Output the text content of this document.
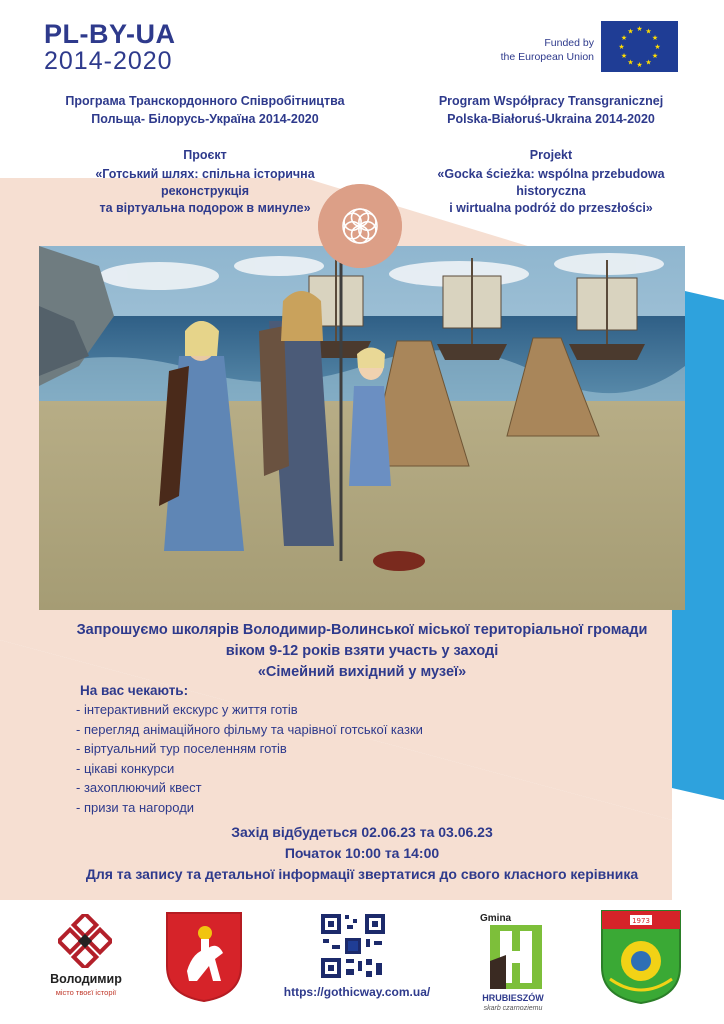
PL-BY-UA
2014-2020
Funded by
the European Union
★ ★
★
★
★
★
★
★
★
★
★
★
Програма Транскордонного Співробітництва
Польща- Білорусь-Україна 2014-2020
Program Współpracy Transgranicznej
Polska-Białoruś-Ukraina 2014-2020
Проєкт
«Готський шлях: спільна історична
реконструкція
та віртуальна подорож в минуле»
Projekt
«Gocka ścieżka: wspólna przebudowa
historyczna
i wirtualna podróż do przeszłości»
Запрошуємо школярів Володимир-Волинської міської територіальної громади
віком 9-12 років взяти участь у заході
«Сімейний вихідний у музеї»
На вас чекають:
- інтерактивний екскурс у життя готів
- перегляд анімаційного фільму та чарівної готської казки
- віртуальний тур поселенням готів
- цікаві конкурси
- захоплюючий квест
- призи та нагороди
Захід відбудеться 02.06.23 та 03.06.23
Початок 10:00 та 14:00
Для та запису та детальної інформації звертатися до свого класного керівника
Володимир
місто твоєї історії	https://gothicway.com.ua/
Gmina
HRUBIESZÓW
skarb czarnoziemu
1973
